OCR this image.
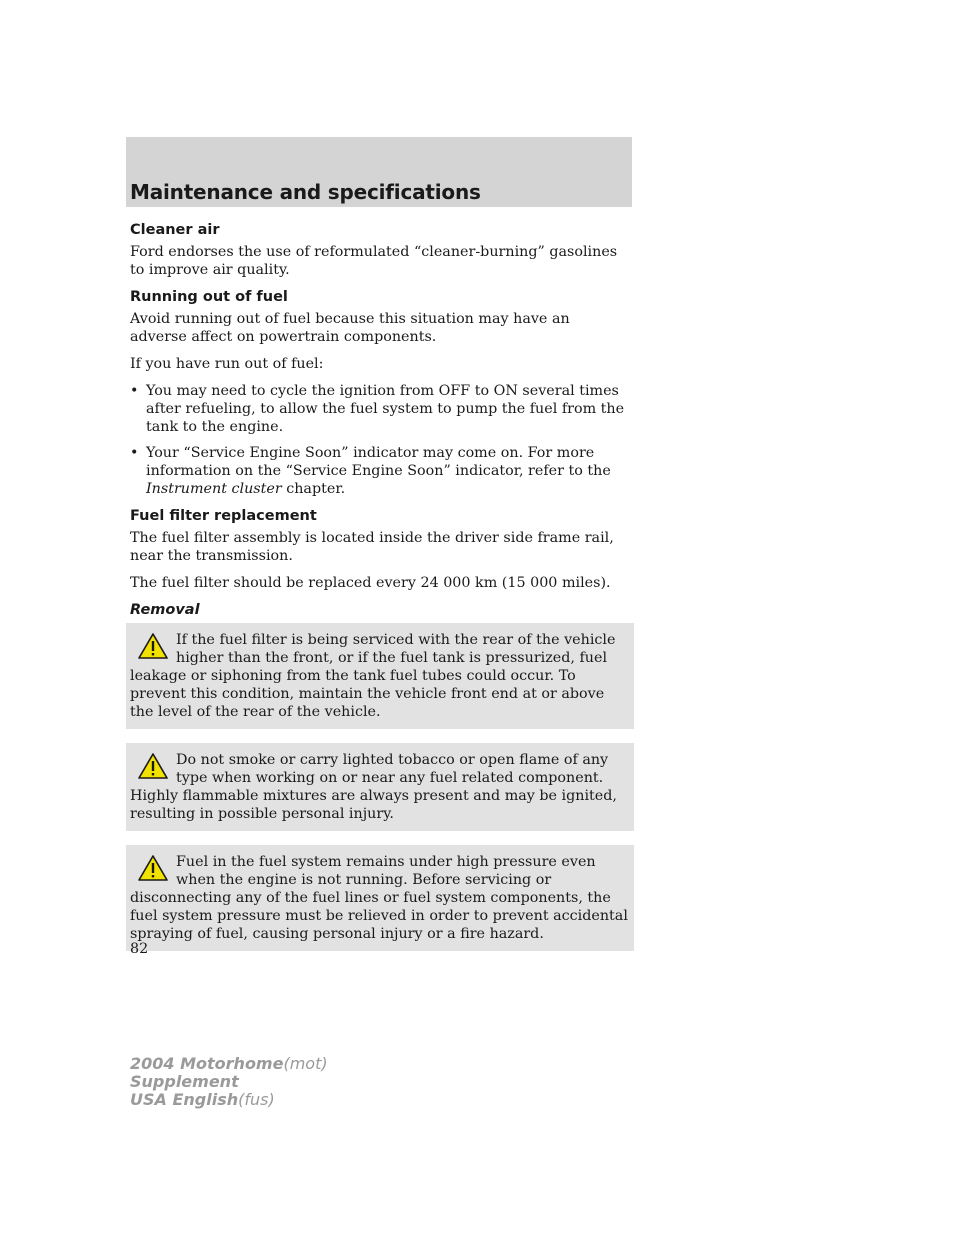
Maintenance and specifications
Cleaner air

Ford endorses the use of reformulated “cleaner-burning” gasolines to improve air quality.

Running out of fuel

Avoid running out of fuel because this situation may have an adverse affect on powertrain components.

If you have run out of fuel:

• You may need to cycle the ignition from OFF to ON several times after refueling, to allow the fuel system to pump the fuel from the tank to the engine.
• Your “Service Engine Soon” indicator may come on. For more information on the “Service Engine Soon” indicator, refer to the
Instrument cluster chapter.
Fuel filter replacement

The fuel filter assembly is located inside the driver side frame rail, near the transmission.

The fuel filter should be replaced every 24 000 km (15 000 miles).

Removal
If the fuel filter is being serviced with the rear of the vehicle higher than the front, or if the fuel tank is pressurized, fuel leakage or siphoning from the tank fuel tubes could occur. To prevent this condition, maintain the vehicle front end at or above the level of the rear of the vehicle.
Do not smoke or carry lighted tobacco or open flame of any type when working on or near any fuel related component. Highly flammable mixtures are always present and may be ignited, resulting in possible personal injury.
Fuel in the fuel system remains under high pressure even when the engine is not running. Before servicing or disconnecting any of the fuel lines or fuel system components, the fuel system pressure must be relieved in order to prevent accidental spraying of fuel, causing personal injury or a fire hazard.
82
2004 Motorhome(mot)
Supplement
USA English(fus)
